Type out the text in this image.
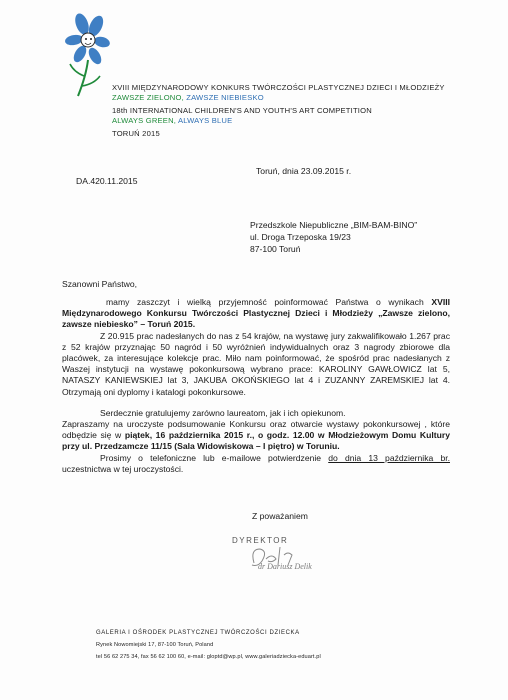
XVIII MIĘDZYNARODOWY KONKURS TWÓRCZOŚCI PLASTYCZNEJ DZIECI I MŁODZIEŻY
ZAWSZE ZIELONO, ZAWSZE NIEBIESKO
18th INTERNATIONAL CHILDREN'S AND YOUTH'S ART COMPETITION
ALWAYS GREEN, ALWAYS BLUE
TORUŃ 2015
Toruń, dnia 23.09.2015 r.
DA.420.11.2015
Przedszkole Niepubliczne „BIM-BAM-BINO”
ul. Droga Trzeposka 19/23
87-100 Toruń
Szanowni Państwo,

mamy zaszczyt i wielką przyjemność poinformować Państwa o wynikach XVIII Międzynarodowego Konkursu Twórczości Plastycznej Dzieci i Młodzieży „Zawsze zielono, zawsze niebiesko” – Toruń 2015.

Z 20.915 prac nadesłanych do nas z 54 krajów, na wystawę jury zakwalifikowało 1.267 prac z 52 krajów przyznając 50 nagród i 50 wyróżnień indywidualnych oraz 3 nagrody zbiorowe dla placówek, za interesujące kolekcje prac. Miło nam poinformować, że spośród prac nadesłanych z Waszej instytucji na wystawę pokonkursową wybrano prace: KAROLINY GAWŁOWICZ lat 5, NATASZY KANIEWSKIEJ lat 3, JAKUBA OKOŃSKIEGO lat 4 i ZUZANNY ZAREMSKIEJ lat 4. Otrzymają oni dyplomy i katalogi pokonkursowe.

Serdecznie gratulujemy zarówno laureatom, jak i ich opiekunom.

Zapraszamy na uroczyste podsumowanie Konkursu oraz otwarcie wystawy pokonkursowej , które odbędzie się w piątek, 16 października 2015 r., o godz. 12.00 w Młodzieżowym Domu Kultury przy ul. Przedzamcze 11/15 (Sala Widowiskowa – I piętro) w Toruniu.

Prosimy o telefoniczne lub e-mailowe potwierdzenie do dnia 13 października br. uczestnictwa w tej uroczystości.

Z poważaniem
DYREKTOR
dr Dariusz Delik
GALERIA I OŚRODEK PLASTYCZNEJ TWÓRCZOŚCI DZIECKA
Rynek Nowomiejski 17, 87-100 Toruń, Poland
tel 56 62 275 34, fax 56 62 100 60, e-mail: gloptd@wp.pl, www.galeriadziecka-eduart.pl
